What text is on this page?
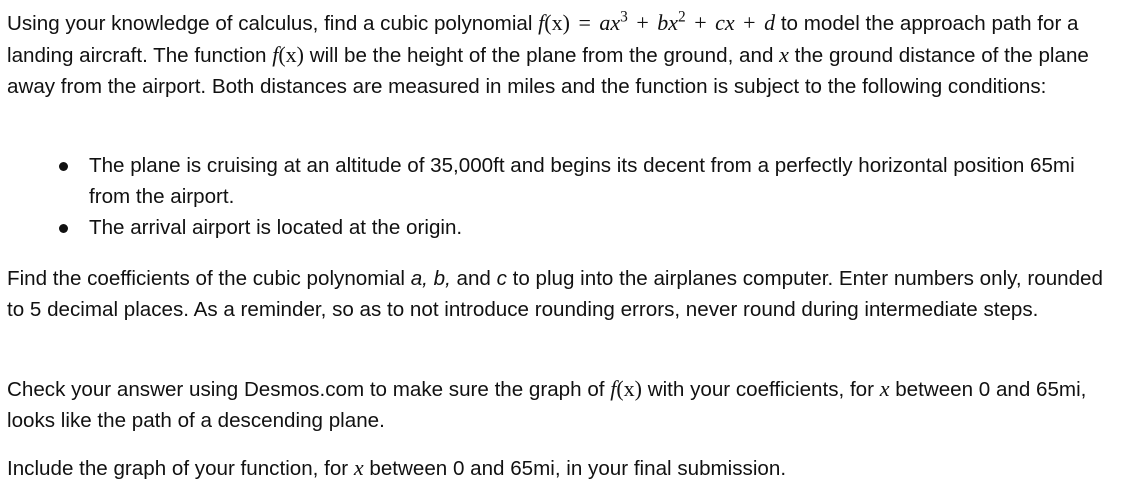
Using your knowledge of calculus, find a cubic polynomial $f(x) = ax^3 + bx^2$ + cx + d to model the approach path for a landing aircraft. The function f(x) will be the height of the plane from the ground, and x the ground distance of the plane away from the airport. Both distances are measured in miles and the function is subject to the following conditions:

The plane is cruising at an altitude of 35,000ft and begins its decent from a perfectly horizontal position 65mi from the airport.
The arrival airport is located at the origin.

Find the coefficients of the cubic polynomial a, b, and c to plug into the airplanes computer. Enter numbers only, rounded to 5 decimal places. As a reminder, so as to not introduce rounding errors, never round during intermediate steps.

Check your answer using Desmos.com to make sure the graph of f(x) with your coefficients, for x between 0 and 65mi, looks like the path of a descending plane.

Include the graph of your function, for x between 0 and 65mi, in your final submission.
